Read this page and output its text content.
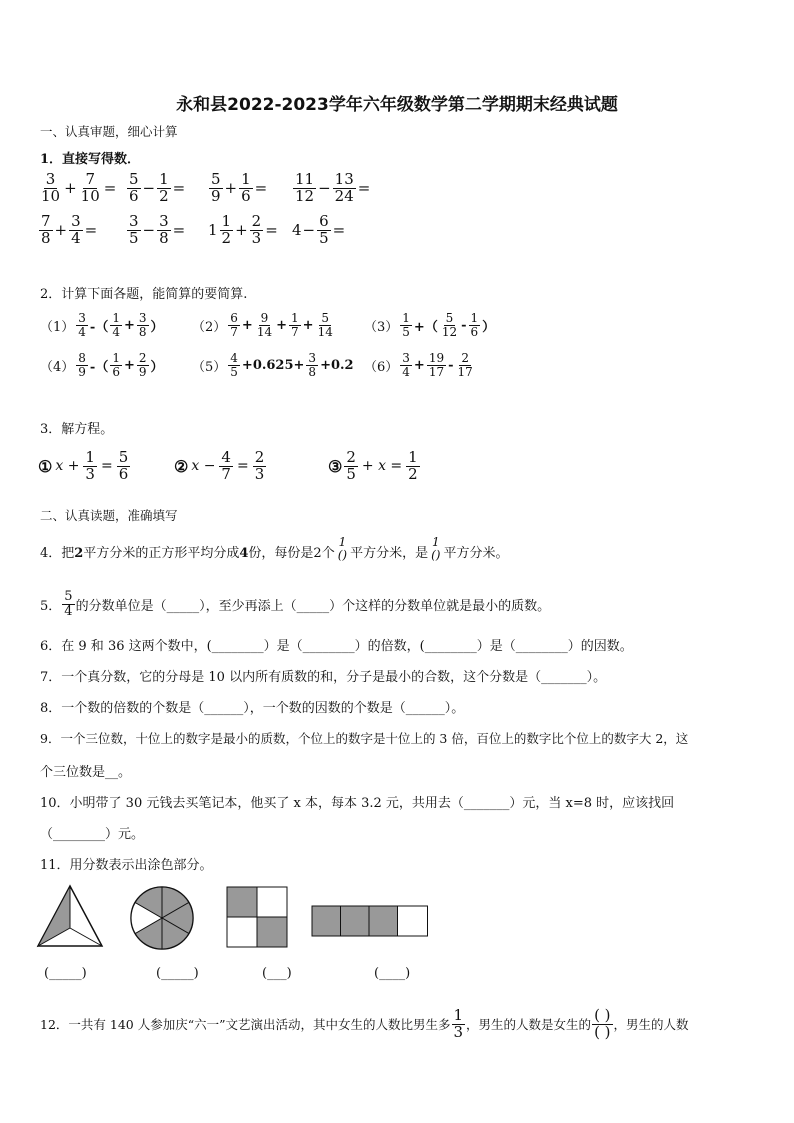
永和县2022-2023学年六年级数学第二学期期末经典试题
一、认真审题，细心计算
1．直接写得数．
$\frac{3}{10} + \frac{7}{10} = \frac{5}{6} - \frac{1}{2} = \frac{5}{9} + \frac{1}{6} = \frac{11}{12} - \frac{13}{24}$ =
$\frac{7}{8} + \frac{3}{4} = \frac{3}{5} - \frac{3}{8} = 1 \frac{1}{2} + \frac{2}{3} = 4 - \frac{6}{5}$ =
2．计算下面各题，能简算的要简算.
$(1) \frac{3}{4}$ -（ $\frac{1}{4} + \frac{3}{8}$ ） $(2) \frac{6}{7} + \frac{9}{14} + \frac{1}{7} + \frac{5}{14} (3) \frac{1}{5}$ +（ $\frac{5}{12} - \frac{1}{6}$ ）
$(4) \frac{8}{9}$ -（ $\frac{1}{6} + \frac{2}{9}$ ） $(5) \frac{4}{5} +0.625+ \frac{3}{8} +0.2$ $(6) \frac{3}{4} + \frac{19}{17} - \frac{2}{17}$
3．解方程。
① $x + \frac{1}{3} = \frac{5}{6}$	② $x - \frac{4}{7} = \frac{2}{3}$	③ $\frac{2}{5} + x = \frac{1}{2}$
二、认真读题，准确填写
4．把 2 平方分米的正方形平均分成 4 份，每份是 2 个
1
() 平方分米，是
1
() 平方分米。
5． $\frac{5}{4}$ 的分数单位是（_____），至少再添上（_____）个这样的分数单位就是最小的质数。
6．在 9 和 36 这两个数中，(________）是（________）的倍数，(________）是（________）的因数。
7．一个真分数，它的分母是 10 以内所有质数的和，分子是最小的合数，这个分数是（_______）。
8．一个数的倍数的个数是（______），一个数的因数的个数是（______）。
9．一个三位数，十位上的数字是最小的质数，个位上的数字是十位上的 3 倍，百位上的数字比个位上的数字大 2，这
个三位数是__。
10．小明带了 30 元钱去买笔记本，他买了 x 本，每本 3.2 元，共用去（_______）元，当 x=8 时，应该找回
（________）元。
11．用分数表示出涂色部分。
(_____)	(_____)	(___)	(____)
12．一共有 140 人参加庆“六一”文艺演出活动，其中女生的人数比男生多 $\frac{1}{3}$ ，男生的人数是女生的 $\frac{( )}{( )}$ ，男生的人数
